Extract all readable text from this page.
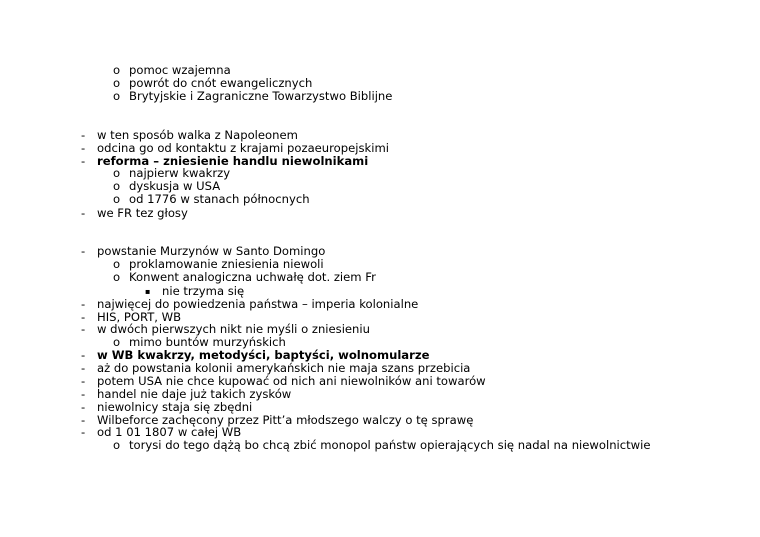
o pomoc wzajemna
o powrót do cnót ewangelicznych
o Brytyjskie i Zagraniczne Towarzystwo Biblijne
- w ten sposób walka z Napoleonem
- odcina go od kontaktu z krajami pozaeuropejskimi
- reforma – zniesienie handlu niewolnikami
o najpierw kwakrzy
o dyskusja w USA
o od 1776 w stanach północnych
- we FR tez głosy
- powstanie Murzynów w Santo Domingo
o proklamowanie zniesienia niewoli
o Konwent analogiczna uchwałę dot. ziem Fr
▪ nie trzyma się
- najwięcej do powiedzenia państwa – imperia kolonialne
- HIS, PORT, WB
- w dwóch pierwszych nikt nie myśli o zniesieniu
o mimo buntów murzyńskich
- w WB kwakrzy, metodyści, baptyści, wolnomularze
- aż do powstania kolonii amerykańskich nie maja szans przebicia
- potem USA nie chce kupować od nich ani niewolników ani towarów
- handel nie daje już takich zysków
- niewolnicy staja się zbędni
- Wilbeforce zachęcony przez Pitt’a młodszego walczy o tę sprawę
- od 1 01 1807 w całej WB
o torysi do tego dążą bo chcą zbić monopol państw opierających się nadal na niewolnictwie
